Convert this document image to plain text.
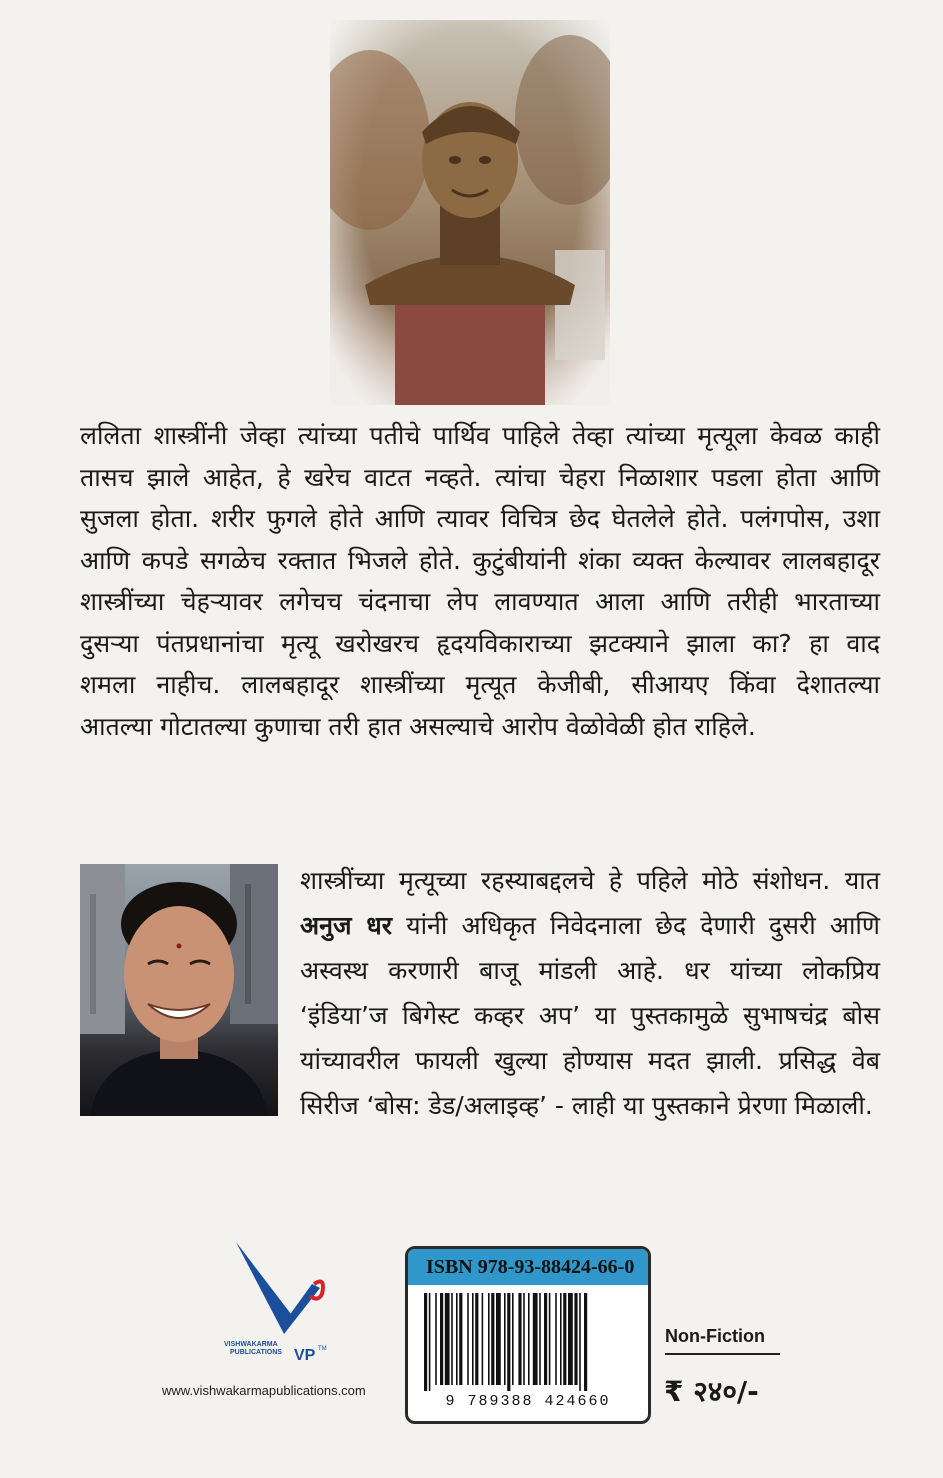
ललिता शास्त्रींनी जेव्हा त्यांच्या पतीचे पार्थिव पाहिले तेव्हा त्यांच्या मृत्यूला केवळ काही
तासच झाले आहेत, हे खरेच वाटत नव्हते. त्यांचा चेहरा निळाशार पडला होता आणि
सुजला होता. शरीर फुगले होते आणि त्यावर विचित्र छेद घेतलेले होते. पलंगपोस, उशा
आणि कपडे सगळेच रक्तात भिजले होते. कुटुंबीयांनी शंका व्यक्त केल्यावर लालबहादूर
शास्त्रींच्या चेहऱ्यावर लगेचच चंदनाचा लेप लावण्यात आला आणि तरीही भारताच्या
दुसऱ्या पंतप्रधानांचा मृत्यू खरोखरच हृदयविकाराच्या झटक्याने झाला का? हा वाद
शमला नाहीच. लालबहादूर शास्त्रींच्या मृत्यूत केजीबी, सीआयए किंवा देशातल्या
आतल्या गोटातल्या कुणाचा तरी हात असल्याचे आरोप वेळोवेळी होत राहिले.
शास्त्रींच्या मृत्यूच्या रहस्याबद्दलचे हे पहिले मोठे संशोधन. यात
अनुज धर यांनी अधिकृत निवेदनाला छेद देणारी दुसरी आणि
अस्वस्थ करणारी बाजू मांडली आहे. धर यांच्या लोकप्रिय
‘इंडिया’ज बिगेस्ट कव्हर अप’ या पुस्तकामुळे सुभाषचंद्र बोस
यांच्यावरील फायली खुल्या होण्यास मदत झाली. प्रसिद्ध वेब
सिरीज ‘बोस: डेड/अलाइव्ह’ - लाही या पुस्तकाने प्रेरणा मिळाली.
VISHWAKARMA
PUBLICATIONS VP TM
www.vishwakarmapublications.com
ISBN 978-93-88424-66-0
9 789388 424660
Non-Fiction
₹ २४०/-
